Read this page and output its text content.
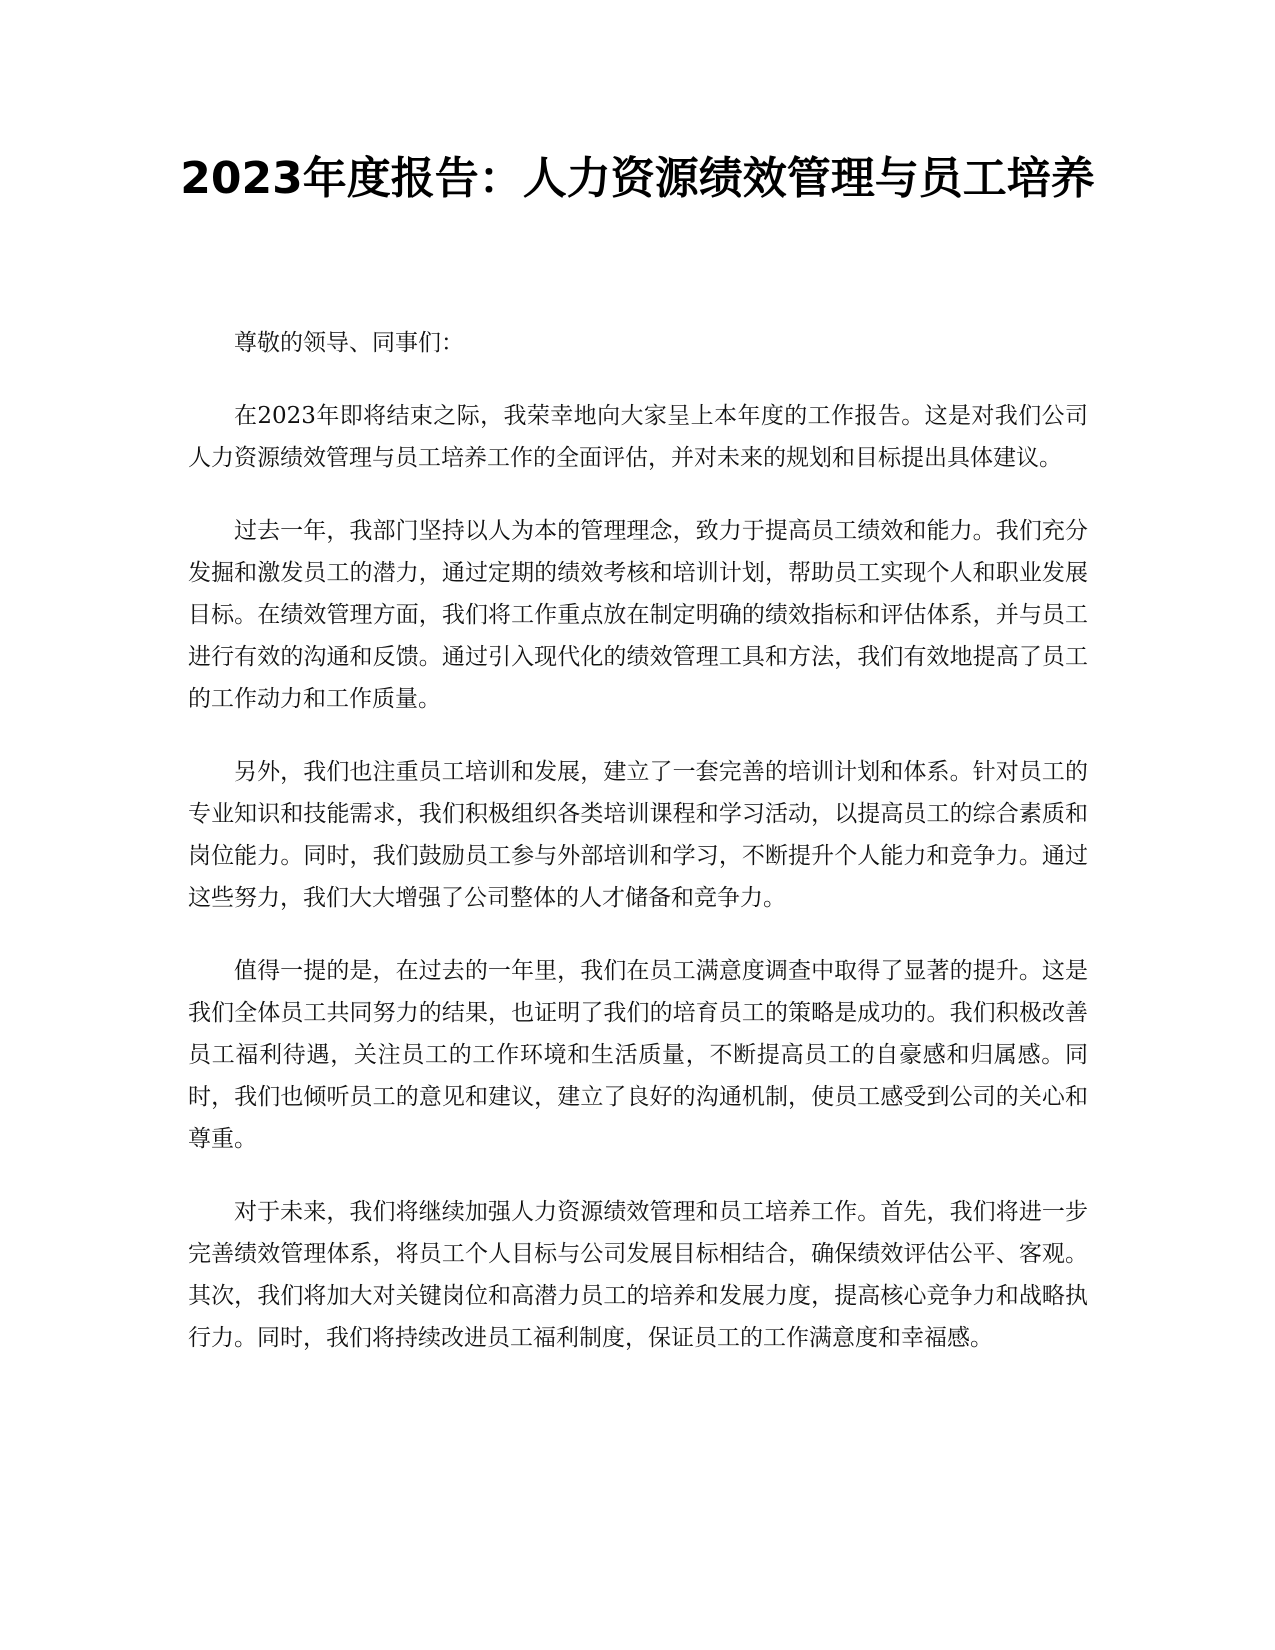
2023年度报告：人力资源绩效管理与员工培养

尊敬的领导、同事们：

在2023年即将结束之际，我荣幸地向大家呈上本年度的工作报告。这是对我们公司人力资源绩效管理与员工培养工作的全面评估，并对未来的规划和目标提出具体建议。

过去一年，我部门坚持以人为本的管理理念，致力于提高员工绩效和能力。我们充分发掘和激发员工的潜力，通过定期的绩效考核和培训计划，帮助员工实现个人和职业发展目标。在绩效管理方面，我们将工作重点放在制定明确的绩效指标和评估体系，并与员工进行有效的沟通和反馈。通过引入现代化的绩效管理工具和方法，我们有效地提高了员工的工作动力和工作质量。

另外，我们也注重员工培训和发展，建立了一套完善的培训计划和体系。针对员工的专业知识和技能需求，我们积极组织各类培训课程和学习活动，以提高员工的综合素质和岗位能力。同时，我们鼓励员工参与外部培训和学习，不断提升个人能力和竞争力。通过这些努力，我们大大增强了公司整体的人才储备和竞争力。

值得一提的是，在过去的一年里，我们在员工满意度调查中取得了显著的提升。这是我们全体员工共同努力的结果，也证明了我们的培育员工的策略是成功的。我们积极改善员工福利待遇，关注员工的工作环境和生活质量，不断提高员工的自豪感和归属感。同时，我们也倾听员工的意见和建议，建立了良好的沟通机制，使员工感受到公司的关心和尊重。

对于未来，我们将继续加强人力资源绩效管理和员工培养工作。首先，我们将进一步完善绩效管理体系，将员工个人目标与公司发展目标相结合，确保绩效评估公平、客观。其次，我们将加大对关键岗位和高潜力员工的培养和发展力度，提高核心竞争力和战略执行力。同时，我们将持续改进员工福利制度，保证员工的工作满意度和幸福感。
